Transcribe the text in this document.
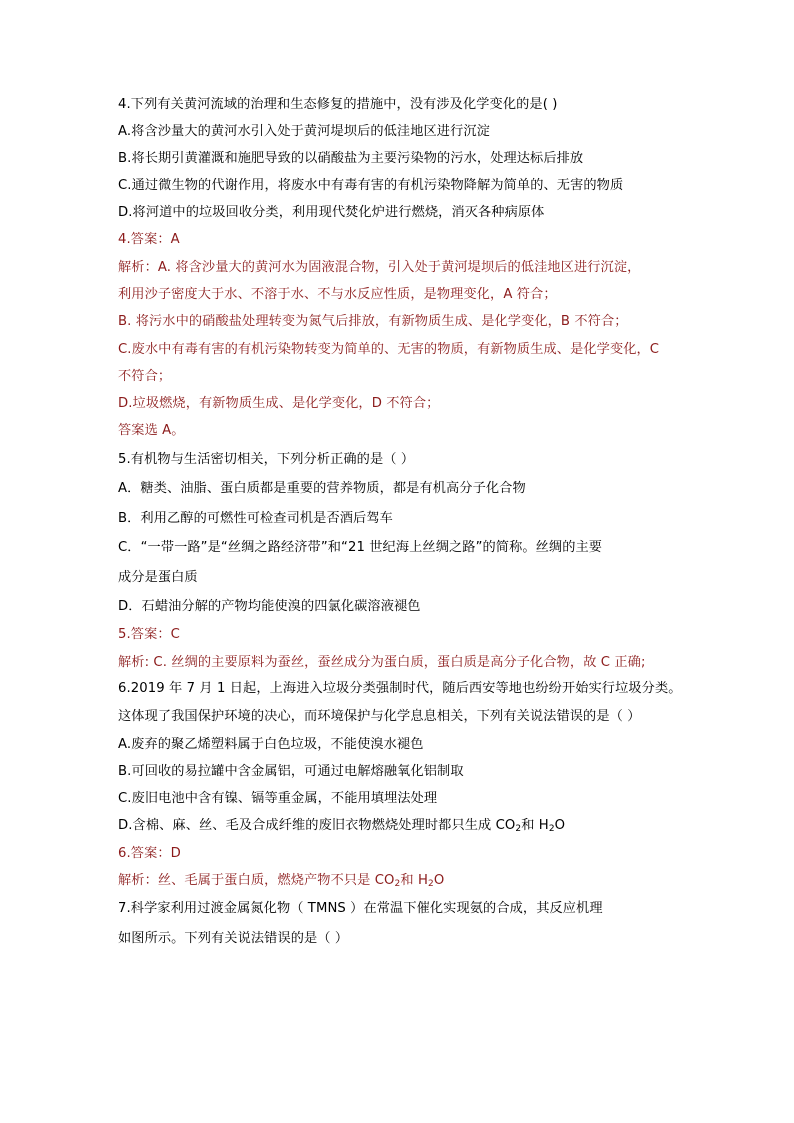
4.下列有关黄河流域的治理和生态修复的措施中，没有涉及化学变化的是( )
A.将含沙量大的黄河水引入处于黄河堤坝后的低洼地区进行沉淀
B.将长期引黄灌溉和施肥导致的以硝酸盐为主要污染物的污水，处理达标后排放
C.通过微生物的代谢作用，将废水中有毒有害的有机污染物降解为简单的、无害的物质
D.将河道中的垃圾回收分类，利用现代焚化炉进行燃烧，消灭各种病原体
4.答案：A
解析：A. 将含沙量大的黄河水为固液混合物，引入处于黄河堤坝后的低洼地区进行沉淀，
利用沙子密度大于水、不溶于水、不与水反应性质，是物理变化，A 符合；
B. 将污水中的硝酸盐处理转变为氮气后排放，有新物质生成、是化学变化，B 不符合；
C.废水中有毒有害的有机污染物转变为简单的、无害的物质，有新物质生成、是化学变化，C
不符合；
D.垃圾燃烧，有新物质生成、是化学变化，D 不符合；
答案选 A。
5.有机物与生活密切相关，下列分析正确的是（ ）
A．糖类、油脂、蛋白质都是重要的营养物质，都是有机高分子化合物
B．利用乙醇的可燃性可检查司机是否酒后驾车
C．“一带一路”是“丝绸之路经济带”和“21 世纪海上丝绸之路”的简称。丝绸的主要
成分是蛋白质
D．石蜡油分解的产物均能使溴的四氯化碳溶液褪色
5.答案：C
解析: C. 丝绸的主要原料为蚕丝，蚕丝成分为蛋白质，蛋白质是高分子化合物，故 C 正确;
6.2019 年 7 月 1 日起，上海进入垃圾分类强制时代，随后西安等地也纷纷开始实行垃圾分类。
这体现了我国保护环境的决心，而环境保护与化学息息相关，下列有关说法错误的是（ ）
A.废弃的聚乙烯塑料属于白色垃圾，不能使溴水褪色
B.可回收的易拉罐中含金属铝，可通过电解熔融氧化铝制取
C.废旧电池中含有镍、镉等重金属，不能用填埋法处理
D.含棉、麻、丝、毛及合成纤维的废旧衣物燃烧处理时都只生成 $CO_2$和 $H_2O$
6.答案：D
解析：丝、毛属于蛋白质，燃烧产物不只是 $CO_2$和 $H_2O$
7.科学家利用过渡金属氮化物（ TMNS ）在常温下催化实现氨的合成，其反应机理
如图所示。下列有关说法错误的是（ ）
